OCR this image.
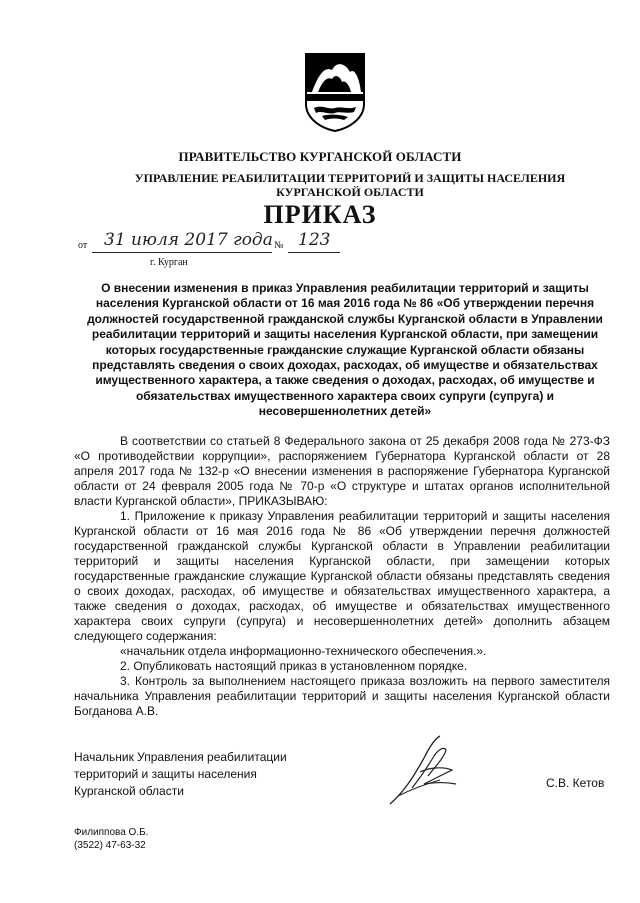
ПРАВИТЕЛЬСТВО КУРГАНСКОЙ ОБЛАСТИ
УПРАВЛЕНИЕ РЕАБИЛИТАЦИИ ТЕРРИТОРИЙ И ЗАЩИТЫ НАСЕЛЕНИЯ КУРГАНСКОЙ ОБЛАСТИ
ПРИКАЗ
от 31 июля 2017 года № 123
г. Курган
О внесении изменения в приказ Управления реабилитации территорий и защиты населения Курганской области от 16 мая 2016 года № 86 «Об утверждении перечня должностей государственной гражданской службы Курганской области в Управлении реабилитации территорий и защиты населения Курганской области, при замещении которых государственные гражданские служащие Курганской области обязаны представлять сведения о своих доходах, расходах, об имуществе и обязательствах имущественного характера, а также сведения о доходах, расходах, об имуществе и обязательствах имущественного характера своих супруги (супруга) и несовершеннолетних детей»

В соответствии со статьей 8 Федерального закона от 25 декабря 2008 года № 273-ФЗ «О противодействии коррупции», распоряжением Губернатора Курганской области от 28 апреля 2017 года № 132-р «О внесении изменения в распоряжение Губернатора Курганской области от 24 февраля 2005 года № 70-р «О структуре и штатах органов исполнительной власти Курганской области», ПРИКАЗЫВАЮ:

1. Приложение к приказу Управления реабилитации территорий и защиты населения Курганской области от 16 мая 2016 года № 86 «Об утверждении перечня должностей государственной гражданской службы Курганской области в Управлении реабилитации территорий и защиты населения Курганской области, при замещении которых государственные гражданские служащие Курганской области обязаны представлять сведения о своих доходах, расходах, об имуществе и обязательствах имущественного характера, а также сведения о доходах, расходах, об имуществе и обязательствах имущественного характера своих супруги (супруга) и несовершеннолетних детей» дополнить абзацем следующего содержания:

«начальник отдела информационно-технического обеспечения.».

2. Опубликовать настоящий приказ в установленном порядке.

3. Контроль за выполнением настоящего приказа возложить на первого заместителя начальника Управления реабилитации территорий и защиты населения Курганской области Богданова А.В.

Начальник Управления реабилитации
территорий и защиты населения
Курганской области
С.В. Кетов
Филиппова О.Б.
(3522) 47-63-32
